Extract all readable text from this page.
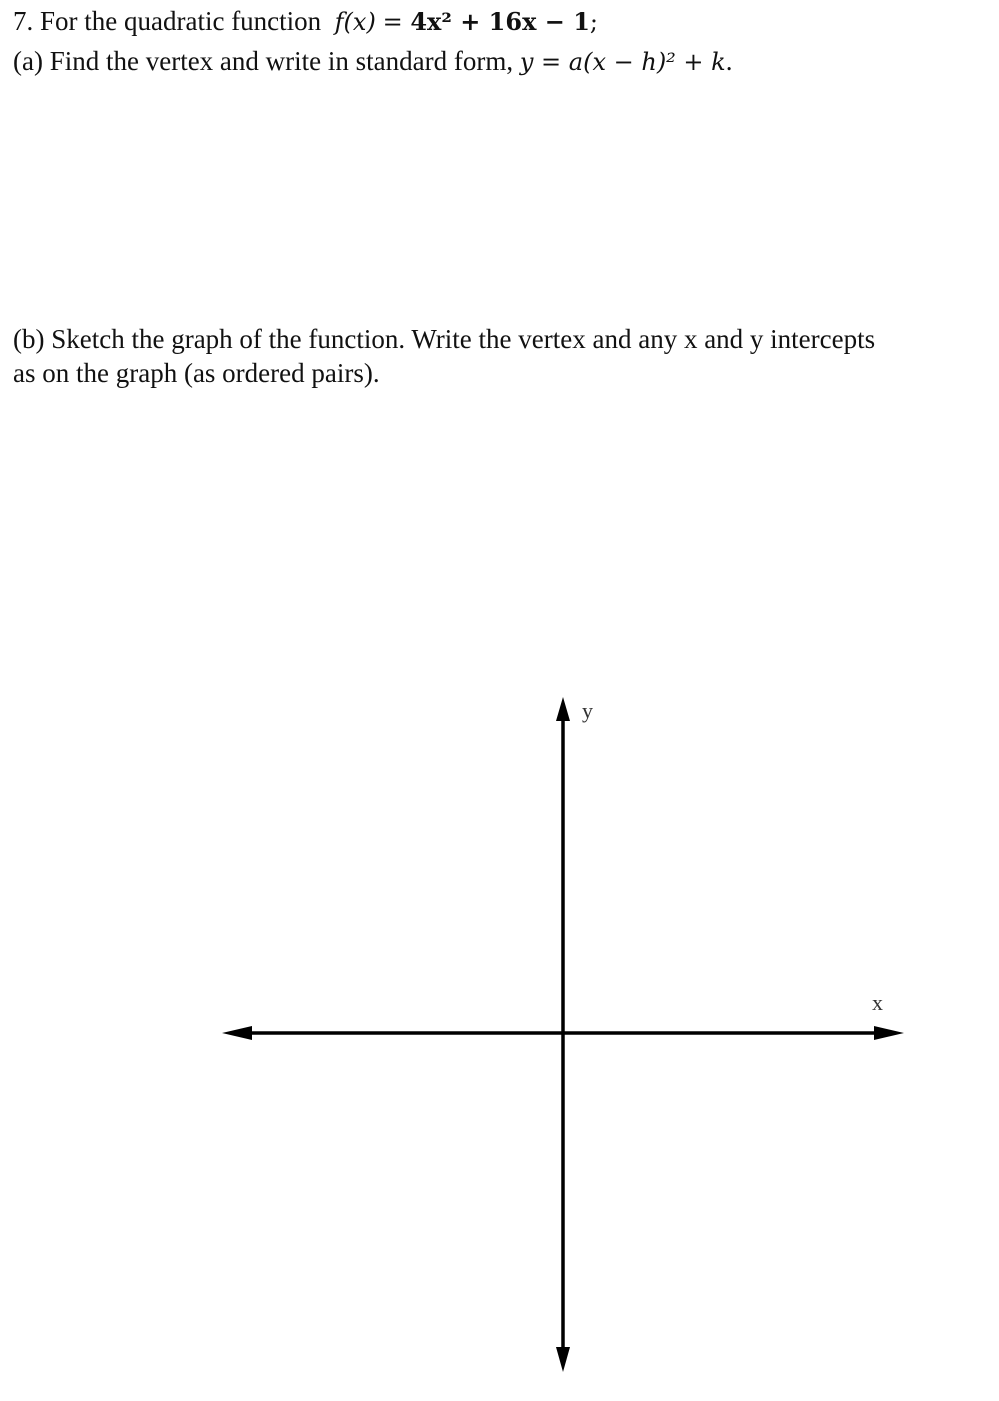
7. For the quadratic function f(x) = 4x² + 16x − 1;
(a) Find the vertex and write in standard form, y = a(x − h)² + k.
(b) Sketch the graph of the function. Write the vertex and any x and y intercepts
as on the graph (as ordered pairs).
y
x
